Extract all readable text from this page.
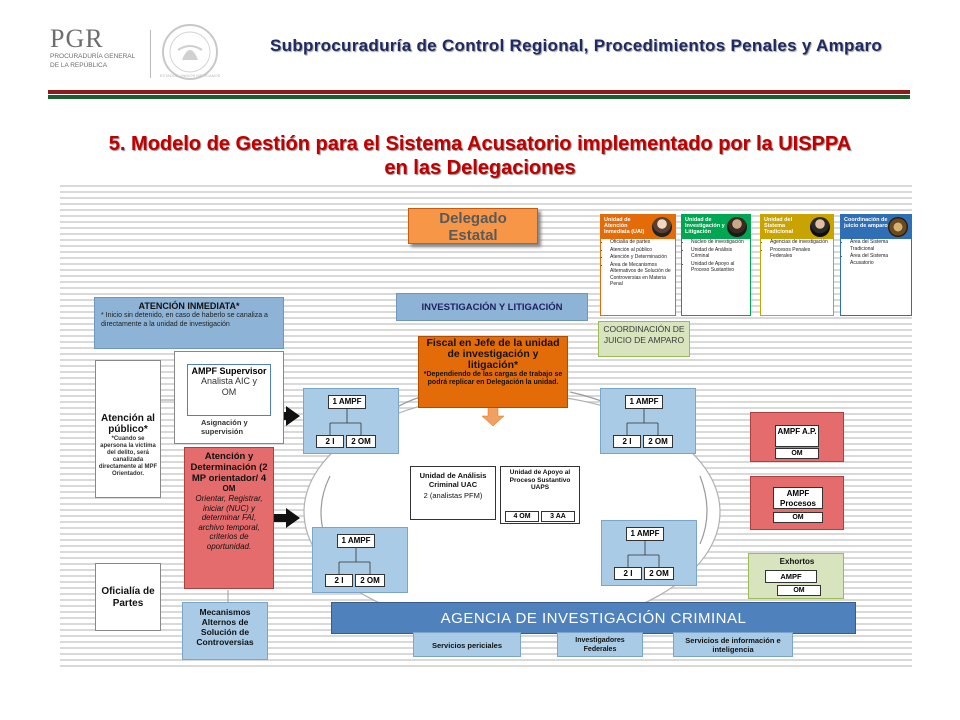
PGR
PROCURADURÍA GENERAL
DE LA REPÚBLICA
ESTADOS UNIDOS MEXICANOS
Subprocuraduría de Control Regional, Procedimientos Penales y Amparo
5. Modelo de Gestión para el Sistema Acusatorio implementado por la UISPPA
en las Delegaciones
Delegado Estatal
INVESTIGACIÓN Y LITIGACIÓN
COORDINACIÓN DE JUICIO DE AMPARO
ATENCIÓN INMEDIATA*
* Inicio sin detenido, en caso de haberlo se canaliza a directamente a la unidad de investigación
AMPF Supervisor
Analista AIC y
OM
Asignación y supervisión
Atención al público*
*Cuando se apersona la víctima del delito, será canalizada directamente al MPF Orientador.
Atención y Determinación (2 MP orientador/ 4
OM
Orientar, Registrar, iniciar (NUC) y determinar FAI, archivo temporal, criterios de oportunidad.
Oficialía de Partes
Mecanismos Alternos de Solución de Controversias
Fiscal en Jefe de la unidad de investigación y litigación*
*Dependiendo de las cargas de trabajo se podrá replicar en Delegación la unidad.
1 AMPF
2 I	2 OM
1 AMPF
2 I	2 OM
1 AMPF
2 I	2 OM
1 AMPF
2 I	2 OM
Unidad de Análisis Criminal UAC
2 (analistas PFM)
Unidad de Apoyo al Proceso Sustantivo UAPS
4 OM	3 AA
AMPF A.P.
OM
AMPF Procesos
OM
Exhortos
AMPF
OM
AGENCIA DE INVESTIGACIÓN CRIMINAL
Servicios periciales
Investigadores Federales
Servicios de información e inteligencia
Unidad de Atención Inmediata (UAI)
• Oficialía de partes
• Atención al público
• Atención y Determinación
• Área de Mecanismos Alternativos de Solución de Controversias en Materia Penal
Unidad de Investigación y Litigación
• Núcleo de investigación
• Unidad de Análisis Criminal
• Unidad de Apoyo al Proceso Sustantivo
Unidad del Sistema Tradicional
• Agencias de investigación
• Procesos Penales Federales
Coordinación de juicio de amparo
• Área del Sistema Tradicional
• Área del Sistema Acusatorio
